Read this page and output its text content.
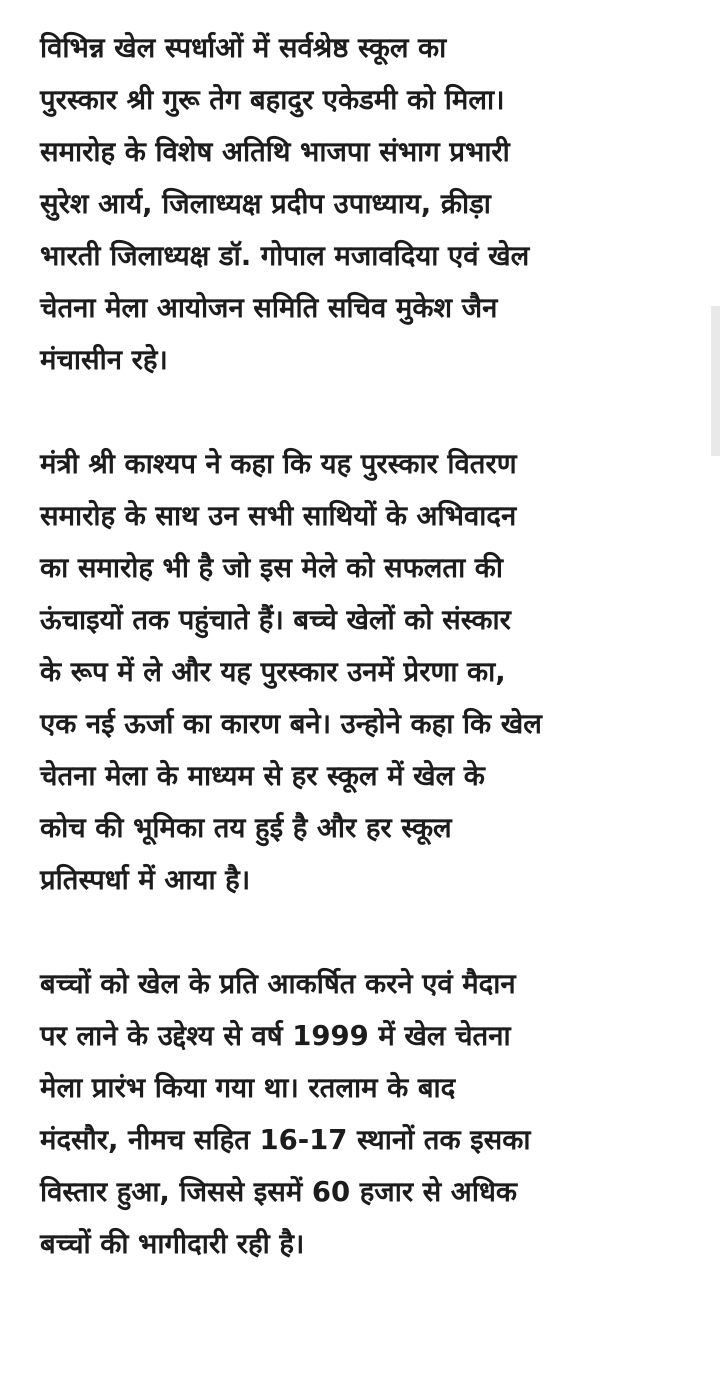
विभिन्न खेल स्पर्धाओं में सर्वश्रेष्ठ स्कूल का
पुरस्कार श्री गुरू तेग बहादुर एकेडमी को मिला।
समारोह के विशेष अतिथि भाजपा संभाग प्रभारी
सुरेश आर्य, जिलाध्यक्ष प्रदीप उपाध्याय, क्रीड़ा
भारती जिलाध्यक्ष डॉ. गोपाल मजावदिया एवं खेल
चेतना मेला आयोजन समिति सचिव मुकेश जैन
मंचासीन रहे।

मंत्री श्री काश्यप ने कहा कि यह पुरस्कार वितरण
समारोह के साथ उन सभी साथियों के अभिवादन
का समारोह भी है जो इस मेले को सफलता की
ऊंचाइयों तक पहुंचाते हैं। बच्चे खेलों को संस्कार
के रूप में ले और यह पुरस्कार उनमें प्रेरणा का,
एक नई ऊर्जा का कारण बने। उन्होने कहा कि खेल
चेतना मेला के माध्यम से हर स्कूल में खेल के
कोच की भूमिका तय हुई है और हर स्कूल
प्रतिस्पर्धा में आया है।

बच्चों को खेल के प्रति आकर्षित करने एवं मैदान
पर लाने के उद्देश्य से वर्ष 1999 में खेल चेतना
मेला प्रारंभ किया गया था। रतलाम के बाद
मंदसौर, नीमच सहित 16-17 स्थानों तक इसका
विस्तार हुआ, जिससे इसमें 60 हजार से अधिक
बच्चों की भागीदारी रही है।
